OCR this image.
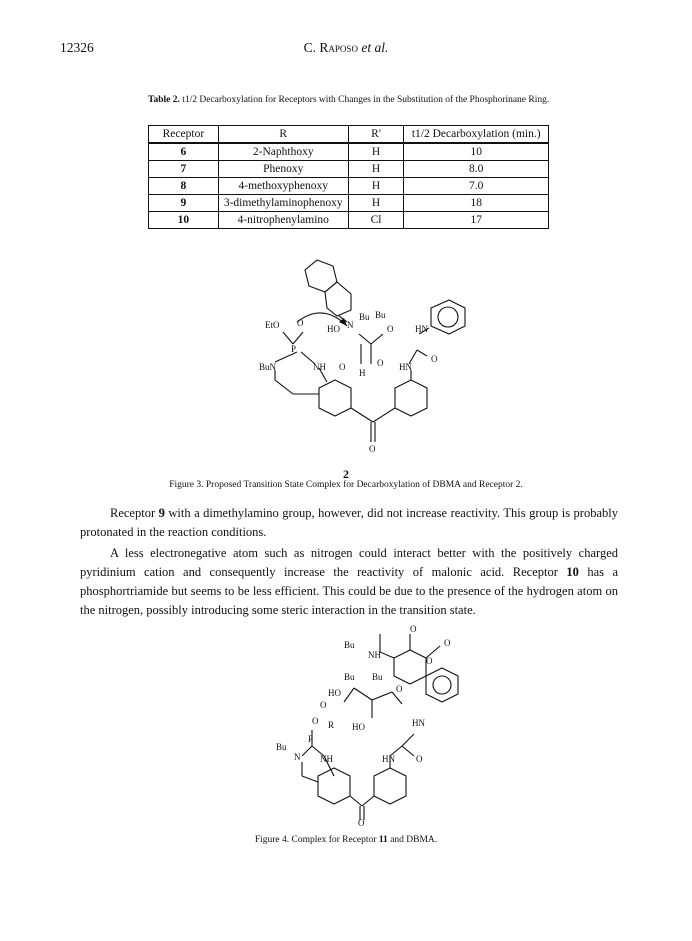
12326	C. Raposo et al.
Table 2. t1/2 Decarboxylation for Receptors with Changes in the Substitution of the Phosphorinane Ring.
Receptor	R	R'	t1/2 Decarboxylation (min.)
6	2-Naphthoxy	H	10
7	Phenoxy	H	8.0
8	4-methoxyphenoxy	H	7.0
9	3-dimethylaminophenoxy	H	18
10	4-nitrophenylamino	Cl	17
EtO O
HO N
Bu Bu
O HN
P
BuN	NH O	O
H
HN
O
O
2
Figure 3. Proposed Transition State Complex for Decarboxylation of DBMA and Receptor 2.

Receptor 9 with a dimethylamino group, however, did not increase reactivity. This group is probably protonated in the reaction conditions.

A less electronegative atom such as nitrogen could interact better with the positively charged pyridinium cation and consequently increase the reactivity of malonic acid. Receptor 10 has a phosphortriamide but seems to be less efficient. This could be due to the presence of the hydrogen atom on the nitrogen, possibly introducing some steric interaction in the transition state.

O
Bu
NH
O
O
Bu Bu
HO
O
O
R
O
HO	HN
P
Bu
N NH	HN O
O
Figure 4. Complex for Receptor 11 and DBMA.
